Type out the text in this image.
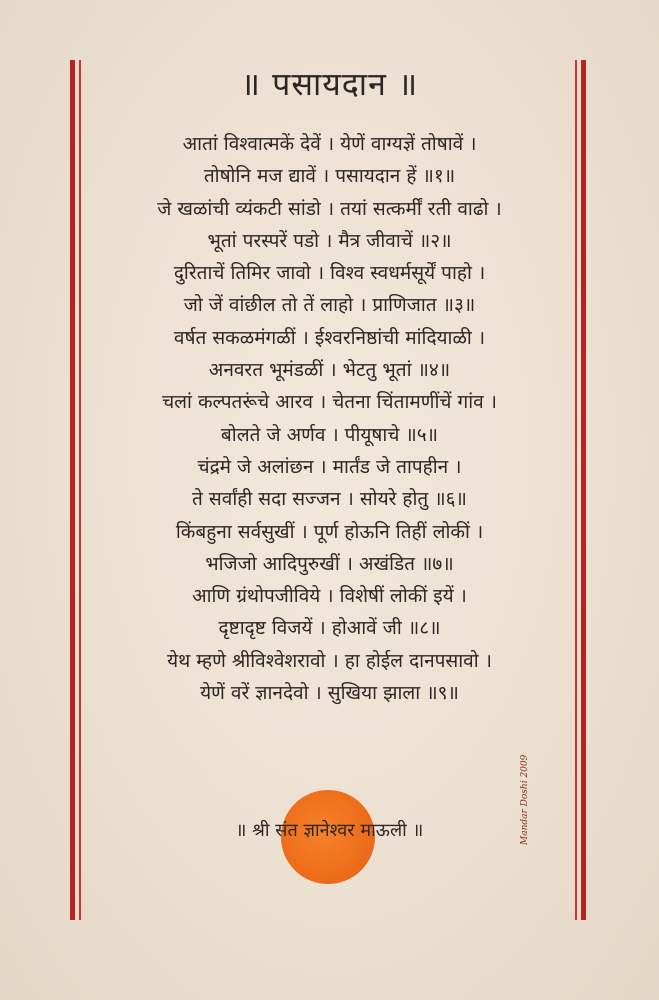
॥ पसायदान ॥
आतां विश्वात्मकें देवें । येणें वाग्यज्ञें तोषावें ।
तोषोनि मज द्यावें । पसायदान हें ॥१॥
जे खळांची व्यंकटी सांडो । तयां सत्कर्मीं रती वाढो ।
भूतां परस्परें पडो । मैत्र जीवाचें ॥२॥
दुरिताचें तिमिर जावो । विश्व स्वधर्मसूर्यें पाहो ।
जो जें वांछील तो तें लाहो । प्राणिजात ॥३॥
वर्षत सकळमंगळीं । ईश्वरनिष्ठांची मांदियाळी ।
अनवरत भूमंडळीं । भेटतु भूतां ॥४॥
चलां कल्पतरूंचे आरव । चेतना चिंतामणींचें गांव ।
बोलते जे अर्णव । पीयूषाचे ॥५॥
चंद्रमे जे अलांछन । मार्तंड जे तापहीन ।
ते सर्वांही सदा सज्जन । सोयरे होतु ॥६॥
किंबहुना सर्वसुखीं । पूर्ण होऊनि तिहीं लोकीं ।
भजिजो आदिपुरुखीं । अखंडित ॥७॥
आणि ग्रंथोपजीविये । विशेषीं लोकीं इयें ।
दृष्टादृष्ट विजयें । होआवें जी ॥८॥
येथ म्हणे श्रीविश्वेशरावो । हा होईल दानपसावो ।
येणें वरें ज्ञानदेवो । सुखिया झाला ॥९॥
॥ श्री संत ज्ञानेश्वर माऊली ॥	Mandar Doshi 2009
